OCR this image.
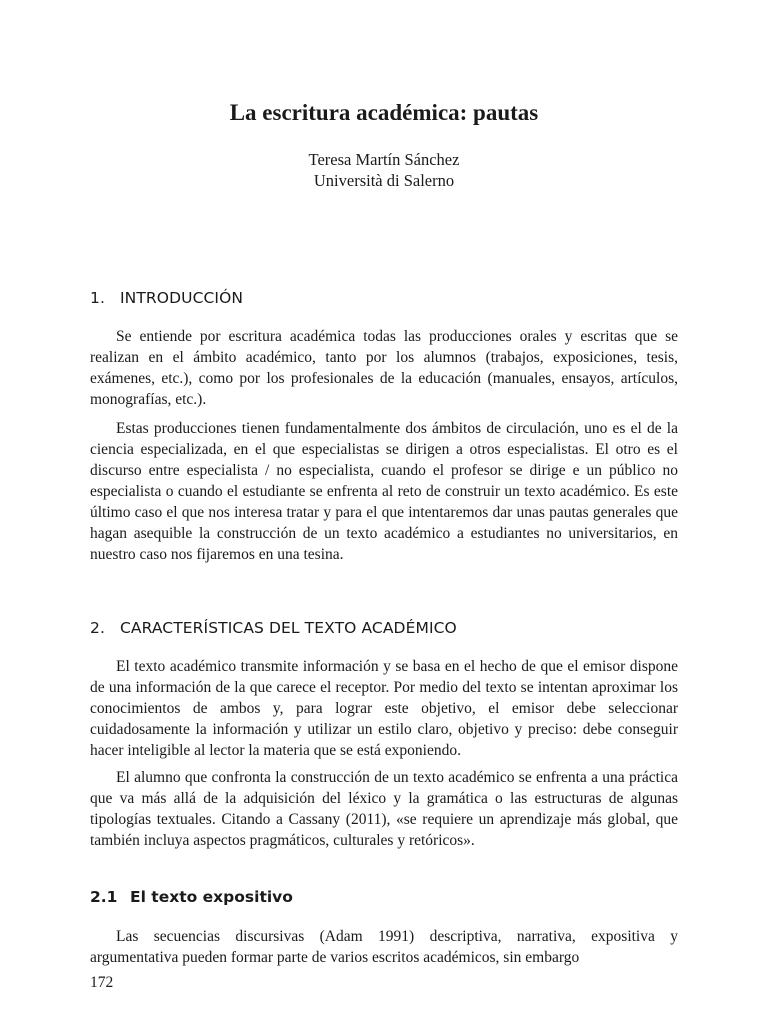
La escritura académica: pautas
Teresa Martín Sánchez
Università di Salerno
1. INTRODUCCIÓN
Se entiende por escritura académica todas las producciones orales y escritas que se realizan en el ámbito académico, tanto por los alumnos (trabajos, exposiciones, tesis, exámenes, etc.), como por los profesionales de la educación (manuales, ensayos, artículos, monografías, etc.).
Estas producciones tienen fundamentalmente dos ámbitos de circulación, uno es el de la ciencia especializada, en el que especialistas se dirigen a otros especialistas. El otro es el discurso entre especialista / no especialista, cuando el profesor se dirige e un público no especialista o cuando el estudiante se enfrenta al reto de construir un texto académico. Es este último caso el que nos interesa tratar y para el que intentaremos dar unas pautas generales que hagan asequible la construcción de un texto académico a estudiantes no universitarios, en nuestro caso nos fijaremos en una tesina.
2. CARACTERÍSTICAS DEL TEXTO ACADÉMICO
El texto académico transmite información y se basa en el hecho de que el emisor dispone de una información de la que carece el receptor. Por medio del texto se intentan aproximar los conocimientos de ambos y, para lograr este objetivo, el emisor debe seleccionar cuidadosamente la información y utilizar un estilo claro, objetivo y preciso: debe conseguir hacer inteligible al lector la materia que se está exponiendo.
El alumno que confronta la construcción de un texto académico se enfrenta a una práctica que va más allá de la adquisición del léxico y la gramática o las estructuras de algunas tipologías textuales. Citando a Cassany (2011), «se requiere un aprendizaje más global, que también incluya aspectos pragmáticos, culturales y retóricos».
2.1 El texto expositivo
Las secuencias discursivas (Adam 1991) descriptiva, narrativa, expositiva y argumentativa pueden formar parte de varios escritos académicos, sin embargo
172
